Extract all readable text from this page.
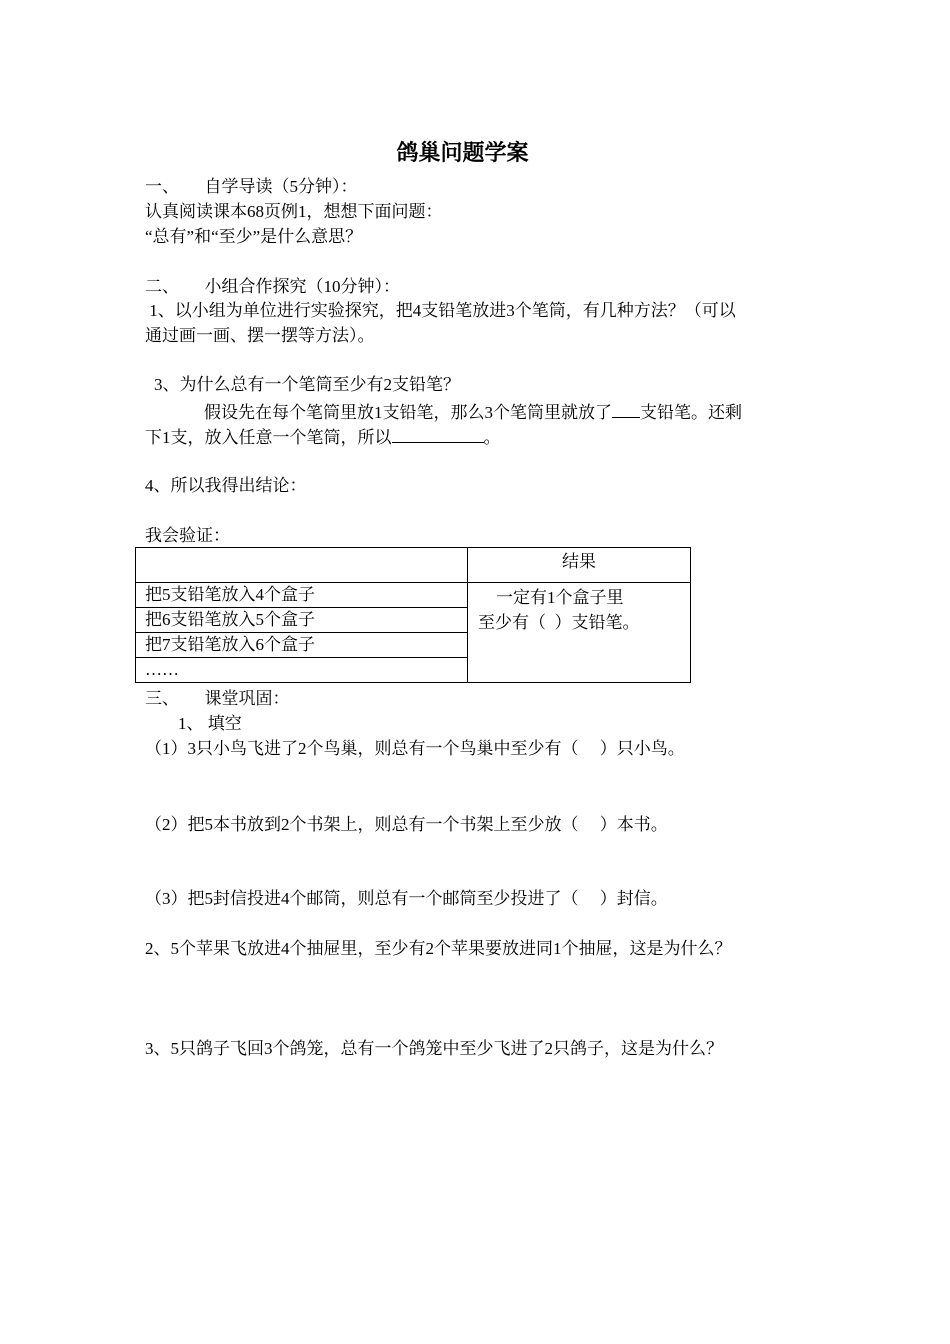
鸽巢问题学案
一、      自学导读（5分钟）：
认真阅读课本68页例1，想想下面问题：
“总有”和“至少”是什么意思？
二、      小组合作探究（10分钟）：
1、以小组为单位进行实验探究，把4支铅笔放进3个笔筒，有几种方法？（可以
通过画一画、摆一摆等方法）。
3、为什么总有一个笔筒至少有2支铅笔？
假设先在每个笔筒里放1支铅笔，那么3个笔筒里就放了 支铅笔。还剩
下1支，放入任意一个笔筒，所以	。
4、所以我得出结论：
我会验证：
	结果
把5支铅笔放入4个盒子	一定有1个盒子里
至少有（  ）支铅笔。

把6支铅笔放入5个盒子	
把7支铅笔放入6个盒子	
……	
三、      课堂巩固：
1、 填空
（1）3只小鸟飞进了2个鸟巢，则总有一个鸟巢中至少有（     ）只小鸟。
（2）把5本书放到2个书架上，则总有一个书架上至少放（     ）本书。
（3）把5封信投进4个邮筒，则总有一个邮筒至少投进了（     ）封信。
2、5个苹果飞放进4个抽屉里，至少有2个苹果要放进同1个抽屉，这是为什么？
3、5只鸽子飞回3个鸽笼，总有一个鸽笼中至少飞进了2只鸽子，这是为什么？
